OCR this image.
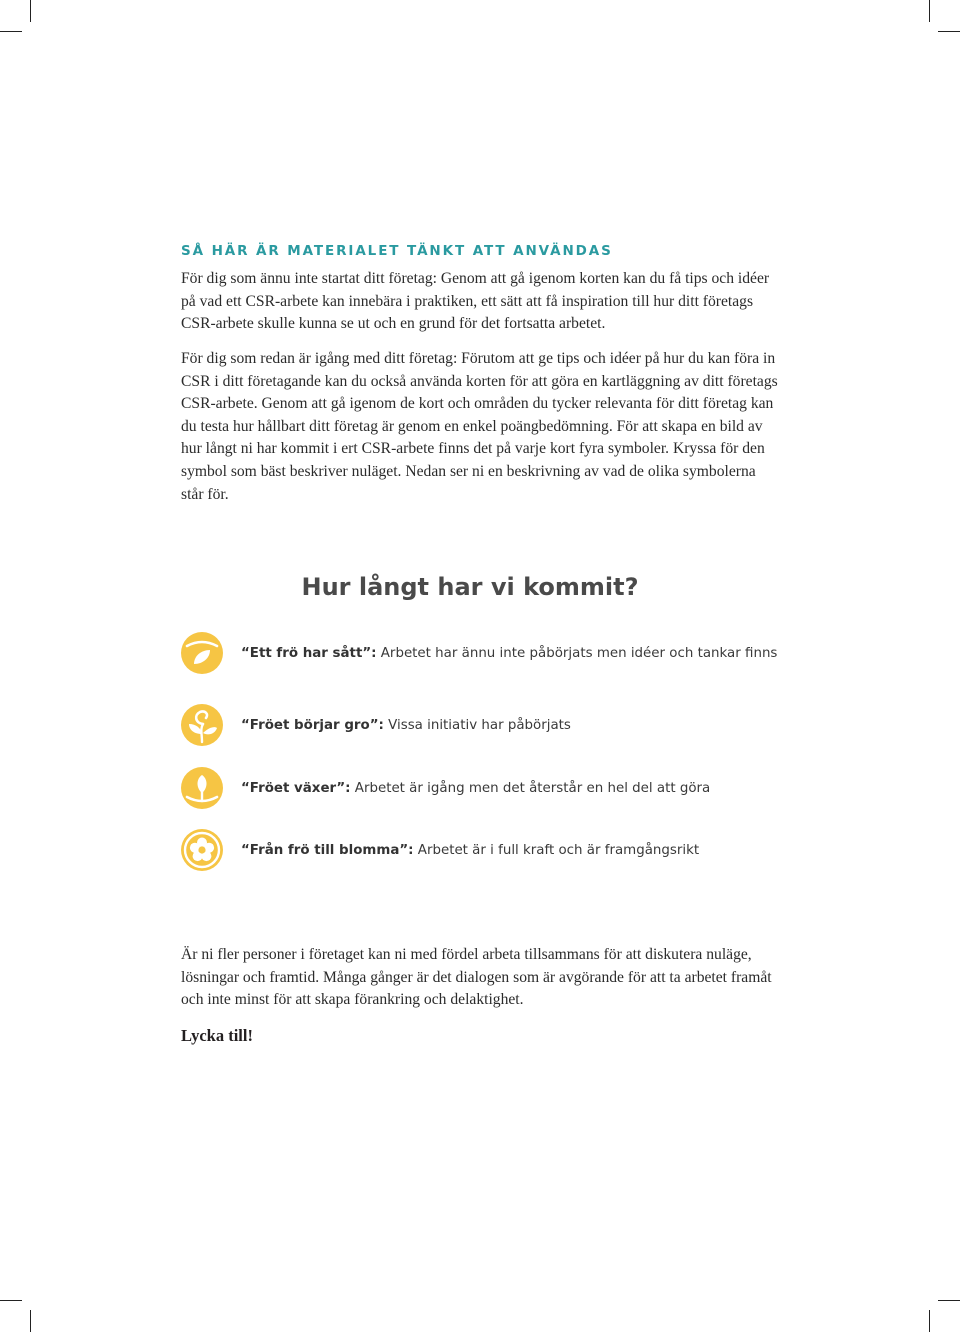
SÅ HÄR ÄR MATERIALET TÄNKT ATT ANVÄNDAS

För dig som ännu inte startat ditt företag: Genom att gå igenom korten kan du få tips och idéer på vad ett CSR-arbete kan innebära i praktiken, ett sätt att få inspiration till hur ditt företags CSR-arbete skulle kunna se ut och en grund för det fortsatta arbetet.

För dig som redan är igång med ditt företag: Förutom att ge tips och idéer på hur du kan föra in CSR i ditt företagande kan du också använda korten för att göra en kartläggning av ditt företags CSR-arbete. Genom att gå igenom de kort och områden du tycker relevanta för ditt företag kan du testa hur hållbart ditt företag är genom en enkel poängbedömning. För att skapa en bild av hur långt ni har kommit i ert CSR-arbete finns det på varje kort fyra symboler. Kryssa för den symbol som bäst beskriver nuläget. Nedan ser ni en beskrivning av vad de olika symbolerna står för.

Hur långt har vi kommit?
“Ett frö har sått”: Arbetet har ännu inte påbörjats men idéer och tankar finns
“Fröet börjar gro”: Vissa initiativ har påbörjats
“Fröet växer”: Arbetet är igång men det återstår en hel del att göra
“Från frö till blomma”: Arbetet är i full kraft och är framgångsrikt

Är ni fler personer i företaget kan ni med fördel arbeta tillsammans för att diskutera nuläge, lösningar och framtid. Många gånger är det dialogen som är avgörande för att ta arbetet framåt och inte minst för att skapa förankring och delaktighet.

Lycka till!
